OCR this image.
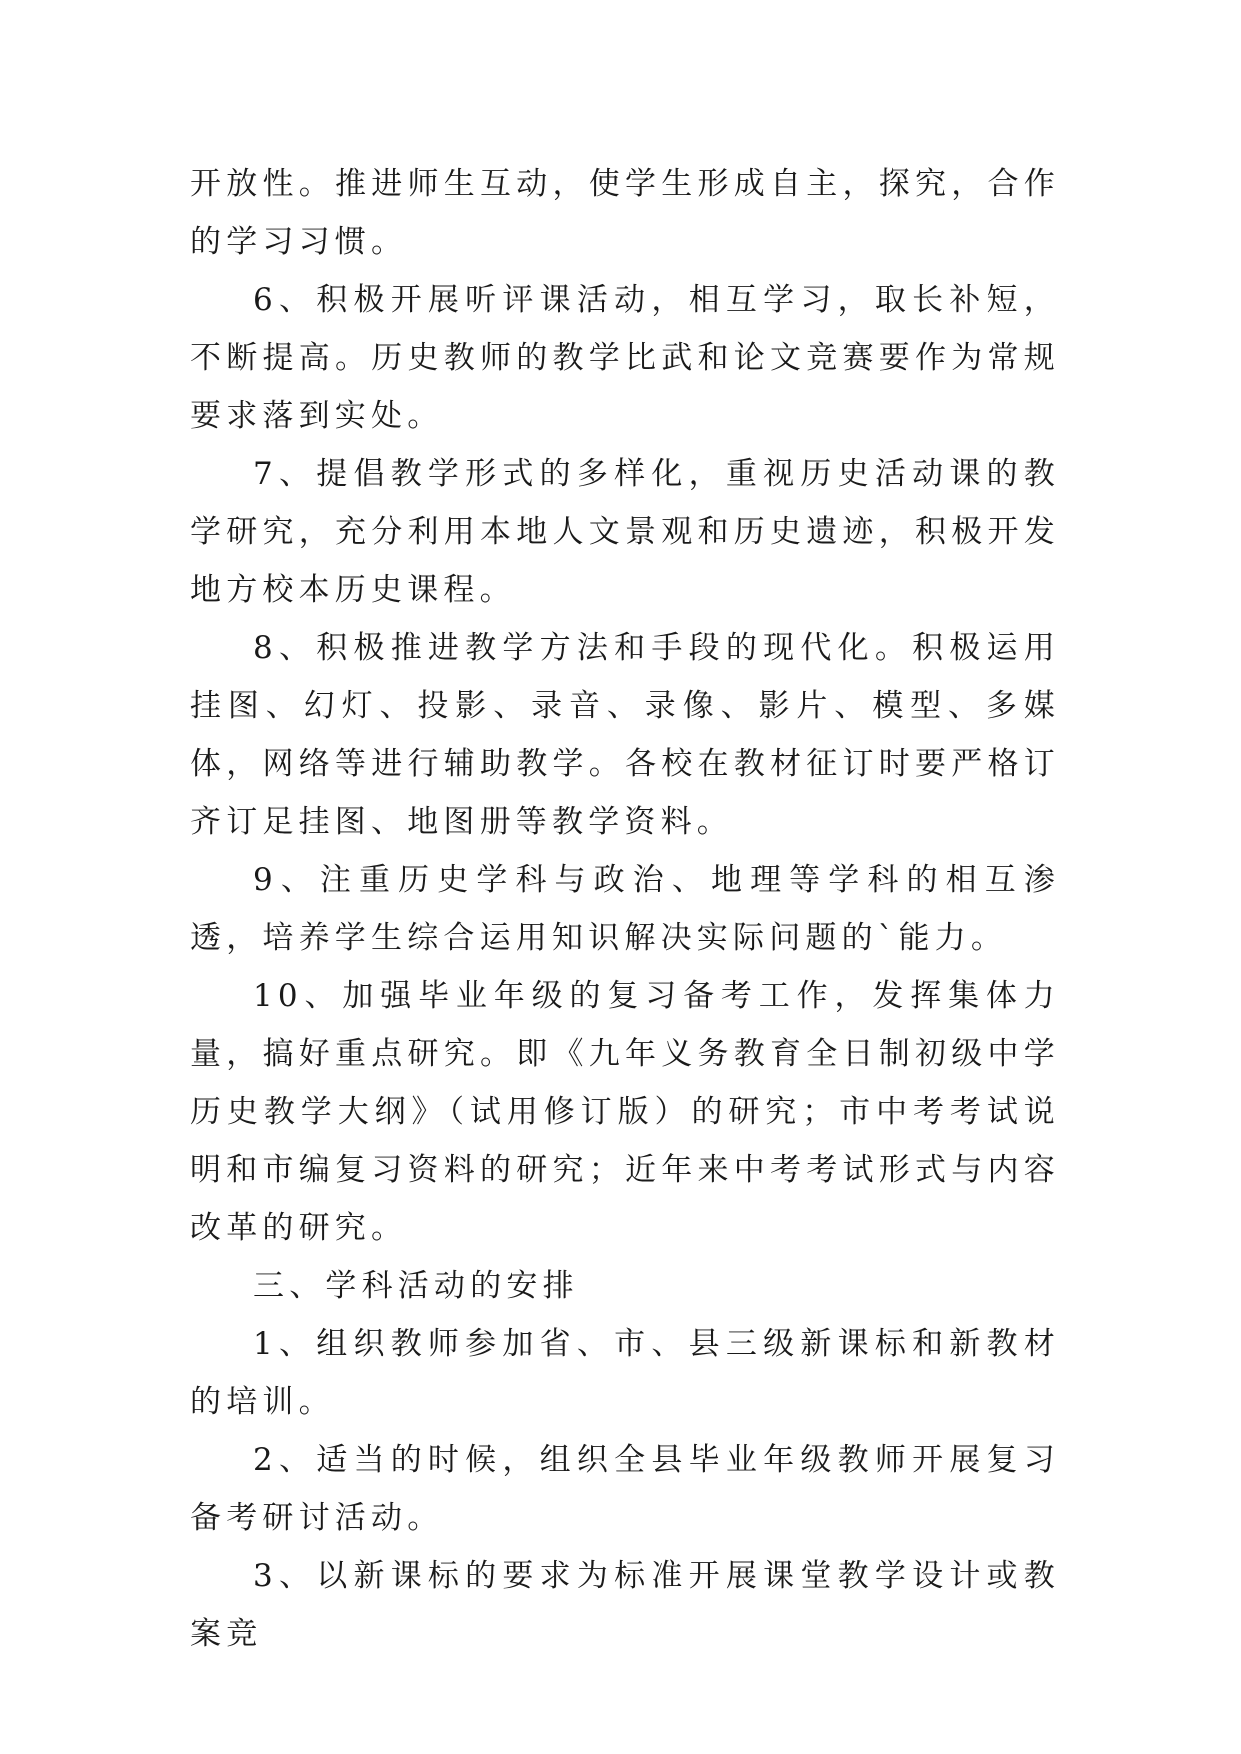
开放性。推进师生互动，使学生形成自主，探究，合作的学习习惯。

6、积极开展听评课活动，相互学习，取长补短，不断提高。历史教师的教学比武和论文竞赛要作为常规要求落到实处。

7、提倡教学形式的多样化，重视历史活动课的教学研究，充分利用本地人文景观和历史遗迹，积极开发地方校本历史课程。

8、积极推进教学方法和手段的现代化。积极运用挂图、幻灯、投影、录音、录像、影片、模型、多媒体，网络等进行辅助教学。各校在教材征订时要严格订齐订足挂图、地图册等教学资料。

9、注重历史学科与政治、地理等学科的相互渗透，培养学生综合运用知识解决实际问题的`能力。

10、加强毕业年级的复习备考工作，发挥集体力量，搞好重点研究。即《九年义务教育全日制初级中学历史教学大纲》（试用修订版）的研究；市中考考试说明和市编复习资料的研究；近年来中考考试形式与内容改革的研究。

三、学科活动的安排

1、组织教师参加省、市、县三级新课标和新教材的培训。

2、适当的时候，组织全县毕业年级教师开展复习备考研讨活动。

3、以新课标的要求为标准开展课堂教学设计或教案竞
